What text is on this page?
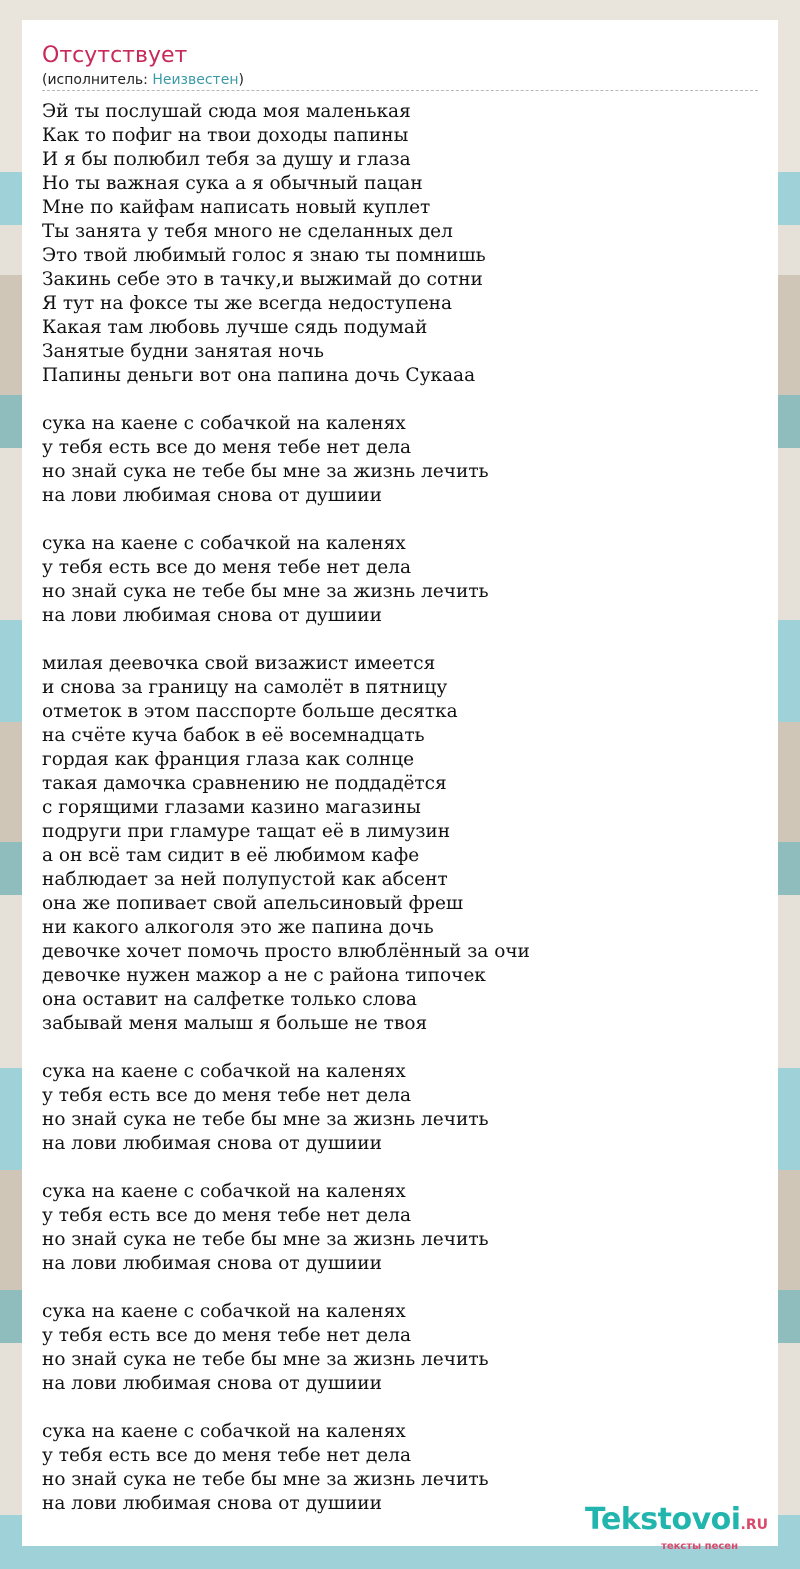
Отсутствует
(исполнитель: Неизвестен)
Эй ты послушай сюда моя маленькая
Как то пофиг на твои доходы папины
И я бы полюбил тебя за душу и глаза
Но ты важная сука а я обычный пацан
Мне по кайфам написать новый куплет
Ты занята у тебя много не сделанных дел
Это твой любимый голос я знаю ты помнишь
Закинь себе это в тачку,и выжимай до сотни
Я тут на фоксе ты же всегда недоступена
Какая там любовь лучше сядь подумай
Занятые будни занятая ночь
Папины деньги вот она папина дочь Сукааа
сука на каене с собачкой на каленях
у тебя есть все до меня тебе нет дела
но знай сука не тебе бы мне за жизнь лечить
на лови любимая снова от душиии
сука на каене с собачкой на каленях
у тебя есть все до меня тебе нет дела
но знай сука не тебе бы мне за жизнь лечить
на лови любимая снова от душиии
милая деевочка свой визажист имеется
и снова за границу на самолёт в пятницу
отметок в этом пасспорте больше десятка
на счёте куча бабок в её восемнадцать
гордая как франция глаза как солнце
такая дамочка сравнению не поддадётся
с горящими глазами казино магазины
подруги при гламуре тащат её в лимузин
а он всё там сидит в её любимом кафе
наблюдает за ней полупустой как абсент
она же попивает свой апельсиновый фреш
ни какого алкоголя это же папина дочь
девочке хочет помочь просто влюблённый за очи
девочке нужен мажор а не с района типочек
она оставит на салфетке только слова
забывай меня малыш я больше не твоя
сука на каене с собачкой на каленях
у тебя есть все до меня тебе нет дела
но знай сука не тебе бы мне за жизнь лечить
на лови любимая снова от душиии
сука на каене с собачкой на каленях
у тебя есть все до меня тебе нет дела
но знай сука не тебе бы мне за жизнь лечить
на лови любимая снова от душиии
сука на каене с собачкой на каленях
у тебя есть все до меня тебе нет дела
но знай сука не тебе бы мне за жизнь лечить
на лови любимая снова от душиии
сука на каене с собачкой на каленях
у тебя есть все до меня тебе нет дела
но знай сука не тебе бы мне за жизнь лечить
на лови любимая снова от душиии	Tekstovoi.RU
тексты песен
